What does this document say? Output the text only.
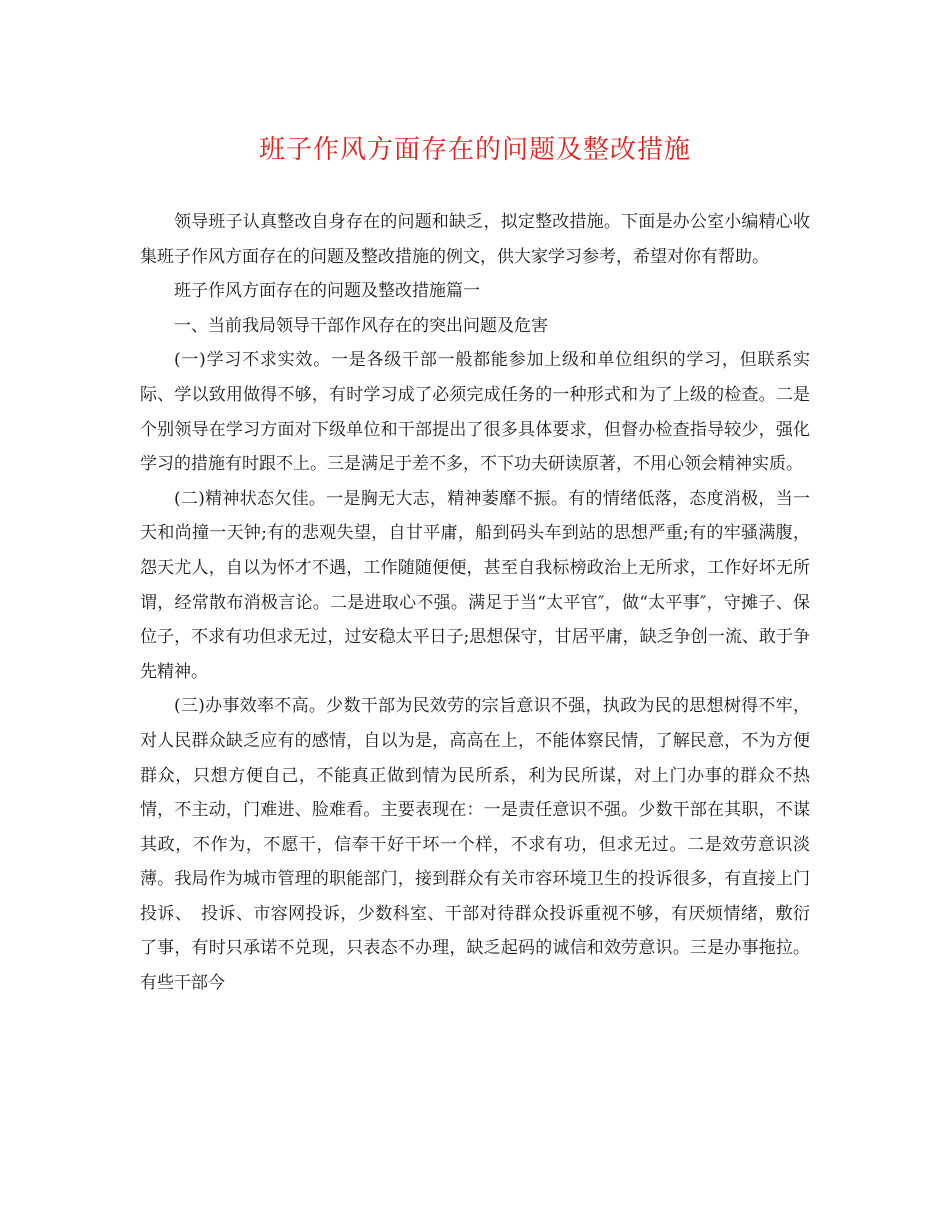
班子作风方面存在的问题及整改措施

领导班子认真整改自身存在的问题和缺乏，拟定整改措施。下面是办公室小编精心收集班子作风方面存在的问题及整改措施的例文，供大家学习参考，希望对你有帮助。

班子作风方面存在的问题及整改措施篇一

一、当前我局领导干部作风存在的突出问题及危害

(一)学习不求实效。一是各级干部一般都能参加上级和单位组织的学习，但联系实际、学以致用做得不够，有时学习成了必须完成任务的一种形式和为了上级的检查。二是个别领导在学习方面对下级单位和干部提出了很多具体要求，但督办检查指导较少，强化学习的措施有时跟不上。三是满足于差不多，不下功夫研读原著，不用心领会精神实质。

(二)精神状态欠佳。一是胸无大志，精神萎靡不振。有的情绪低落，态度消极，当一天和尚撞一天钟;有的悲观失望，自甘平庸，船到码头车到站的思想严重;有的牢骚满腹，怨天尤人，自以为怀才不遇，工作随随便便，甚至自我标榜政治上无所求，工作好坏无所谓，经常散布消极言论。二是进取心不强。满足于当“太平官″，做“太平事″，守摊子、保位子，不求有功但求无过，过安稳太平日子;思想保守，甘居平庸，缺乏争创一流、敢于争先精神。

(三)办事效率不高。少数干部为民效劳的宗旨意识不强，执政为民的思想树得不牢，对人民群众缺乏应有的感情，自以为是，高高在上，不能体察民情，了解民意，不为方便群众，只想方便自己，不能真正做到情为民所系，利为民所谋，对上门办事的群众不热情，不主动，门难进、脸难看。主要表现在：一是责任意识不强。少数干部在其职，不谋其政，不作为，不愿干，信奉干好干坏一个样，不求有功，但求无过。二是效劳意识淡薄。我局作为城市管理的职能部门，接到群众有关市容环境卫生的投诉很多，有直接上门投诉、　投诉、市容网投诉，少数科室、干部对待群众投诉重视不够，有厌烦情绪，敷衍了事，有时只承诺不兑现，只表态不办理，缺乏起码的诚信和效劳意识。三是办事拖拉。有些干部今
